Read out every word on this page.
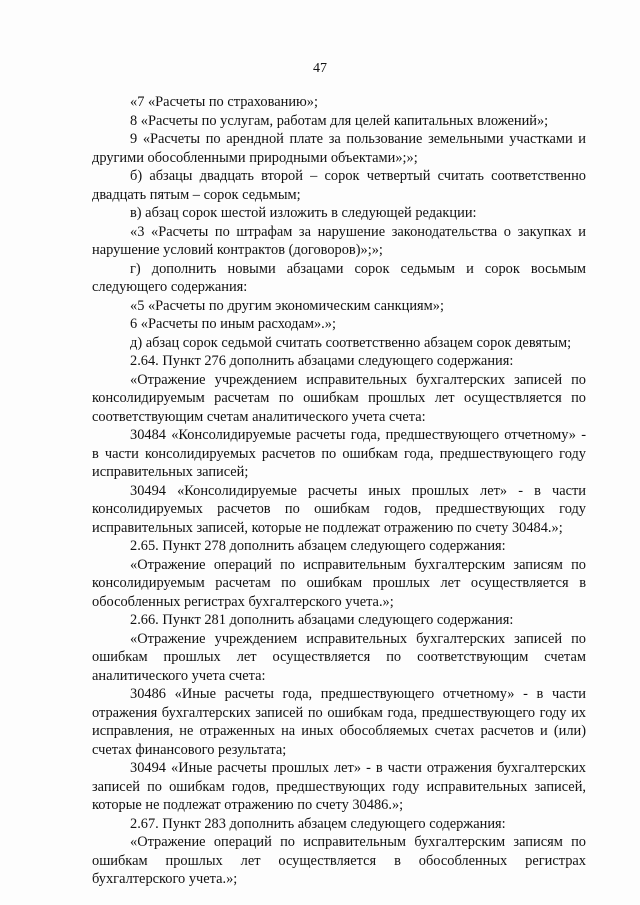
47

«7 «Расчеты по страхованию»;

8 «Расчеты по услугам, работам для целей капитальных вложений»;

9 «Расчеты по арендной плате за пользование земельными участками и другими обособленными природными объектами»;»;

б) абзацы двадцать второй – сорок четвертый считать соответственно двадцать пятым – сорок седьмым;

в) абзац сорок шестой изложить в следующей редакции:

«3 «Расчеты по штрафам за нарушение законодательства о закупках и нарушение условий контрактов (договоров)»;»;

г) дополнить новыми абзацами сорок седьмым и сорок восьмым следующего содержания:

«5 «Расчеты по другим экономическим санкциям»;

6 «Расчеты по иным расходам».»;

д) абзац сорок седьмой считать соответственно абзацем сорок девятым;

2.64. Пункт 276 дополнить абзацами следующего содержания:

«Отражение учреждением исправительных бухгалтерских записей по консолидируемым расчетам по ошибкам прошлых лет осуществляется по соответствующим счетам аналитического учета счета:

30484 «Консолидируемые расчеты года, предшествующего отчетному» - в части консолидируемых расчетов по ошибкам года, предшествующего году исправительных записей;

30494 «Консолидируемые расчеты иных прошлых лет» - в части консолидируемых расчетов по ошибкам годов, предшествующих году исправительных записей, которые не подлежат отражению по счету 30484.»;

2.65. Пункт 278 дополнить абзацем следующего содержания:

«Отражение операций по исправительным бухгалтерским записям по консолидируемым расчетам по ошибкам прошлых лет осуществляется в обособленных регистрах бухгалтерского учета.»;

2.66. Пункт 281 дополнить абзацами следующего содержания:

«Отражение учреждением исправительных бухгалтерских записей по ошибкам прошлых лет осуществляется по соответствующим счетам аналитического учета счета:

30486 «Иные расчеты года, предшествующего отчетному» - в части отражения бухгалтерских записей по ошибкам года, предшествующего году их исправления, не отраженных на иных обособляемых счетах расчетов и (или) счетах финансового результата;

30494 «Иные расчеты прошлых лет» - в части отражения бухгалтерских записей по ошибкам годов, предшествующих году исправительных записей, которые не подлежат отражению по счету 30486.»;

2.67. Пункт 283 дополнить абзацем следующего содержания:

«Отражение операций по исправительным бухгалтерским записям по ошибкам прошлых лет осуществляется в обособленных регистрах бухгалтерского учета.»;
